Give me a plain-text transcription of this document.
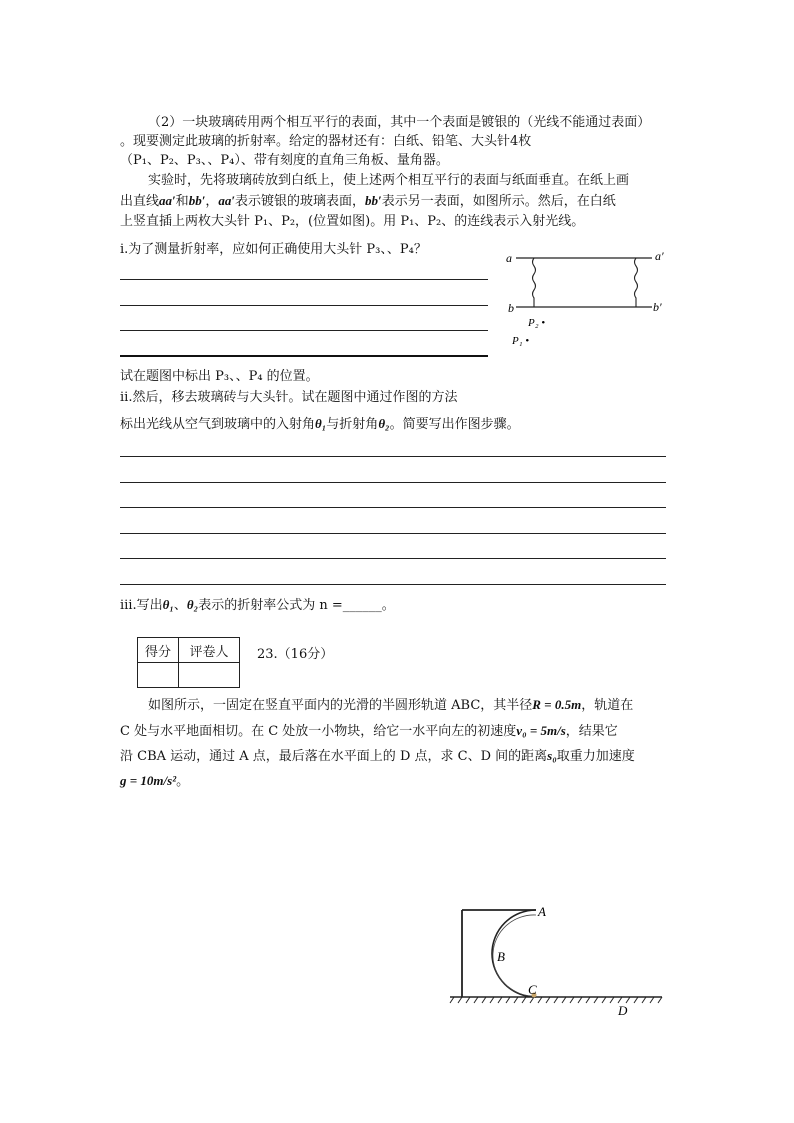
（2）一块玻璃砖用两个相互平行的表面，其中一个表面是镀银的（光线不能通过表面）
。现要测定此玻璃的折射率。给定的器材还有：白纸、铅笔、大头针4枚
（P₁、P₂、P₃、、P₄）、带有刻度的直角三角板、量角器。
实验时，先将玻璃砖放到白纸上，使上述两个相互平行的表面与纸面垂直。在纸上画
出直线aa′和bb′，aa′表示镀银的玻璃表面，bb′表示另一表面，如图所示。然后，在白纸
上竖直插上两枚大头针 P₁、P₂，(位置如图)。用 P₁、P₂、的连线表示入射光线。
ⅰ.为了测量折射率，应如何正确使用大头针 P₃、、P₄？
试在题图中标出 P₃、、P₄ 的位置。
a	a′
b	b′
P₂ •
P₁ •
ⅱ.然后，移去玻璃砖与大头针。试在题图中通过作图的方法
标出光线从空气到玻璃中的入射角θ₁与折射角θ₂。简要写出作图步骤。
ⅲ.写出θ₁、θ₂表示的折射率公式为 n =______。
得分	评卷人
	23.（16分）
如图所示，一固定在竖直平面内的光滑的半圆形轨道 ABC，其半径R = 0.5m，轨道在
C 处与水平地面相切。在 C 处放一小物块，给它一水平向左的初速度v₀ = 5m/s，结果它
沿 CBA 运动，通过 A 点，最后落在水平面上的 D 点，求 C、D 间的距离s₀取重力加速度
g = 10m/s²。
A
B
C
D
